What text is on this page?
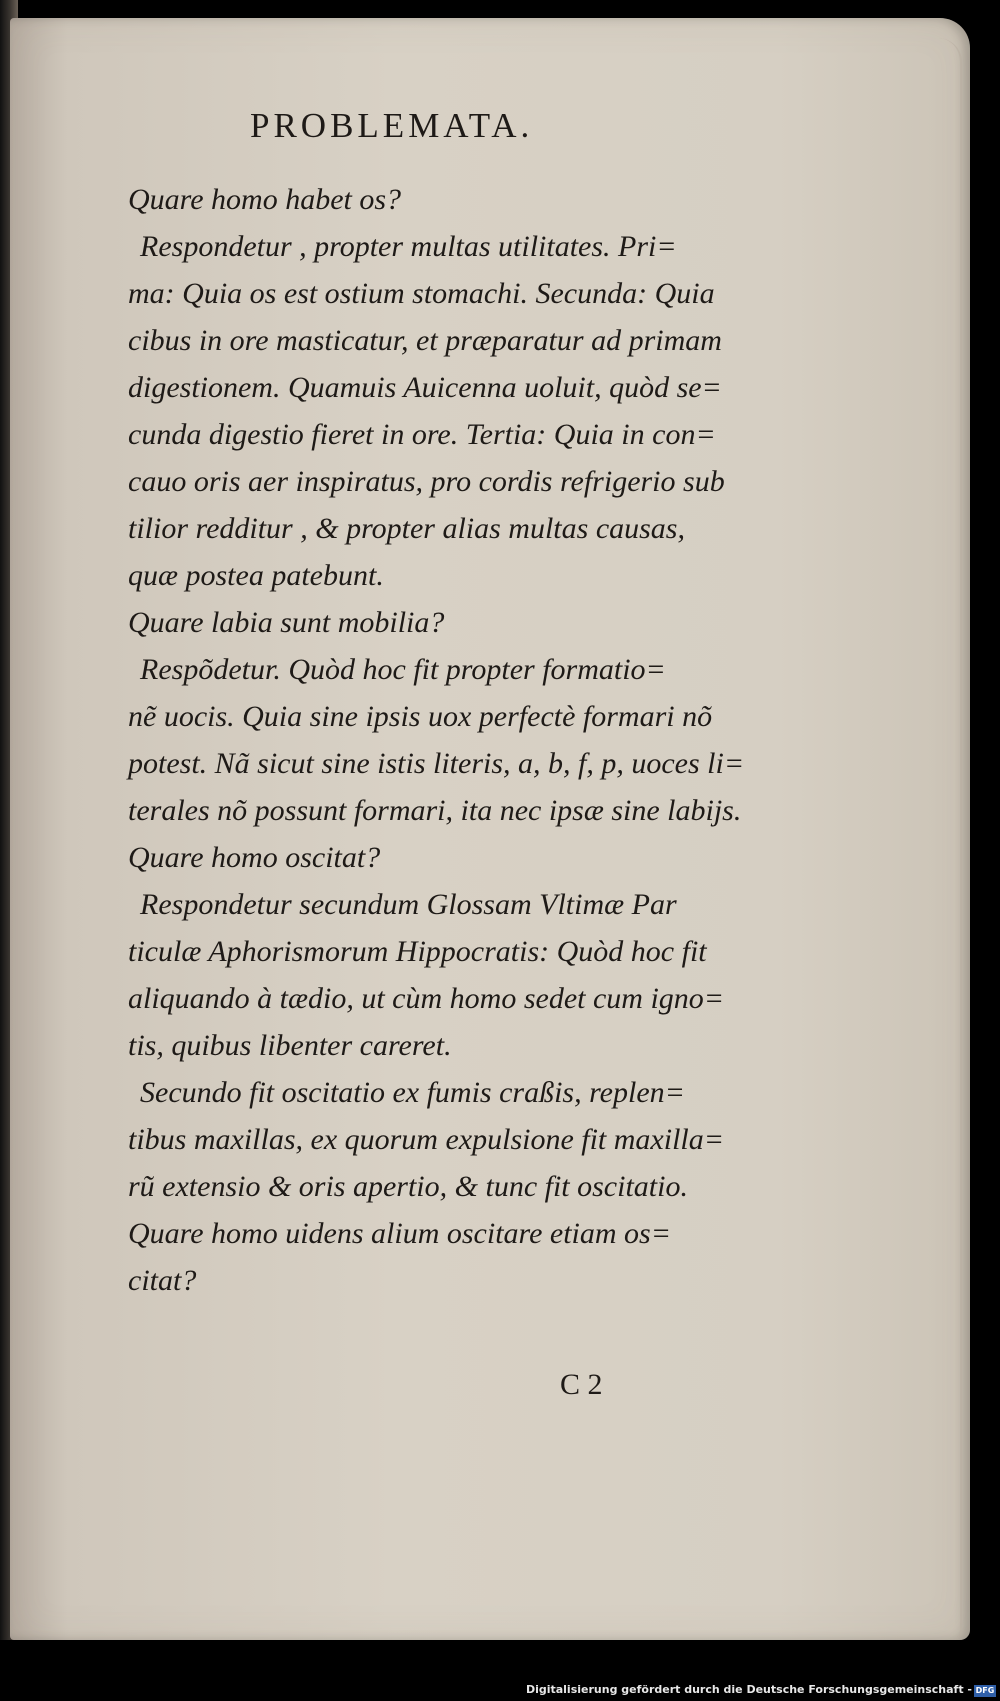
PROBLEMATA.
Quare homo habet os?
Respondetur , propter multas utilitates. Pri=
ma: Quia os est ostium stomachi. Secunda: Quia
cibus in ore masticatur, et præparatur ad primam
digestionem. Quamuis Auicenna uoluit, quòd se=
cunda digestio fieret in ore. Tertia: Quia in con=
cauo oris aer inspiratus, pro cordis refrigerio sub
tilior redditur , & propter alias multas causas,
quæ postea patebunt.
Quare labia sunt mobilia?
Respõdetur. Quòd hoc fit propter formatio=
nẽ uocis. Quia sine ipsis uox perfectè formari nõ
potest. Nã sicut sine istis literis, a, b, f, p, uoces li=
terales nõ possunt formari, ita nec ipsæ sine labijs.
Quare homo oscitat?
Respondetur secundum Glossam Vltimæ Par
ticulæ Aphorismorum Hippocratis: Quòd hoc fit
aliquando à tædio, ut cùm homo sedet cum igno=
tis, quibus libenter careret.
Secundo fit oscitatio ex fumis craßis, replen=
tibus maxillas, ex quorum expulsione fit maxilla=
rũ extensio & oris apertio, & tunc fit oscitatio.
Quare homo uidens alium oscitare etiam os=
citat?
C 2
Digitalisierung gefördert durch die Deutsche Forschungsgemeinschaft - DFG
